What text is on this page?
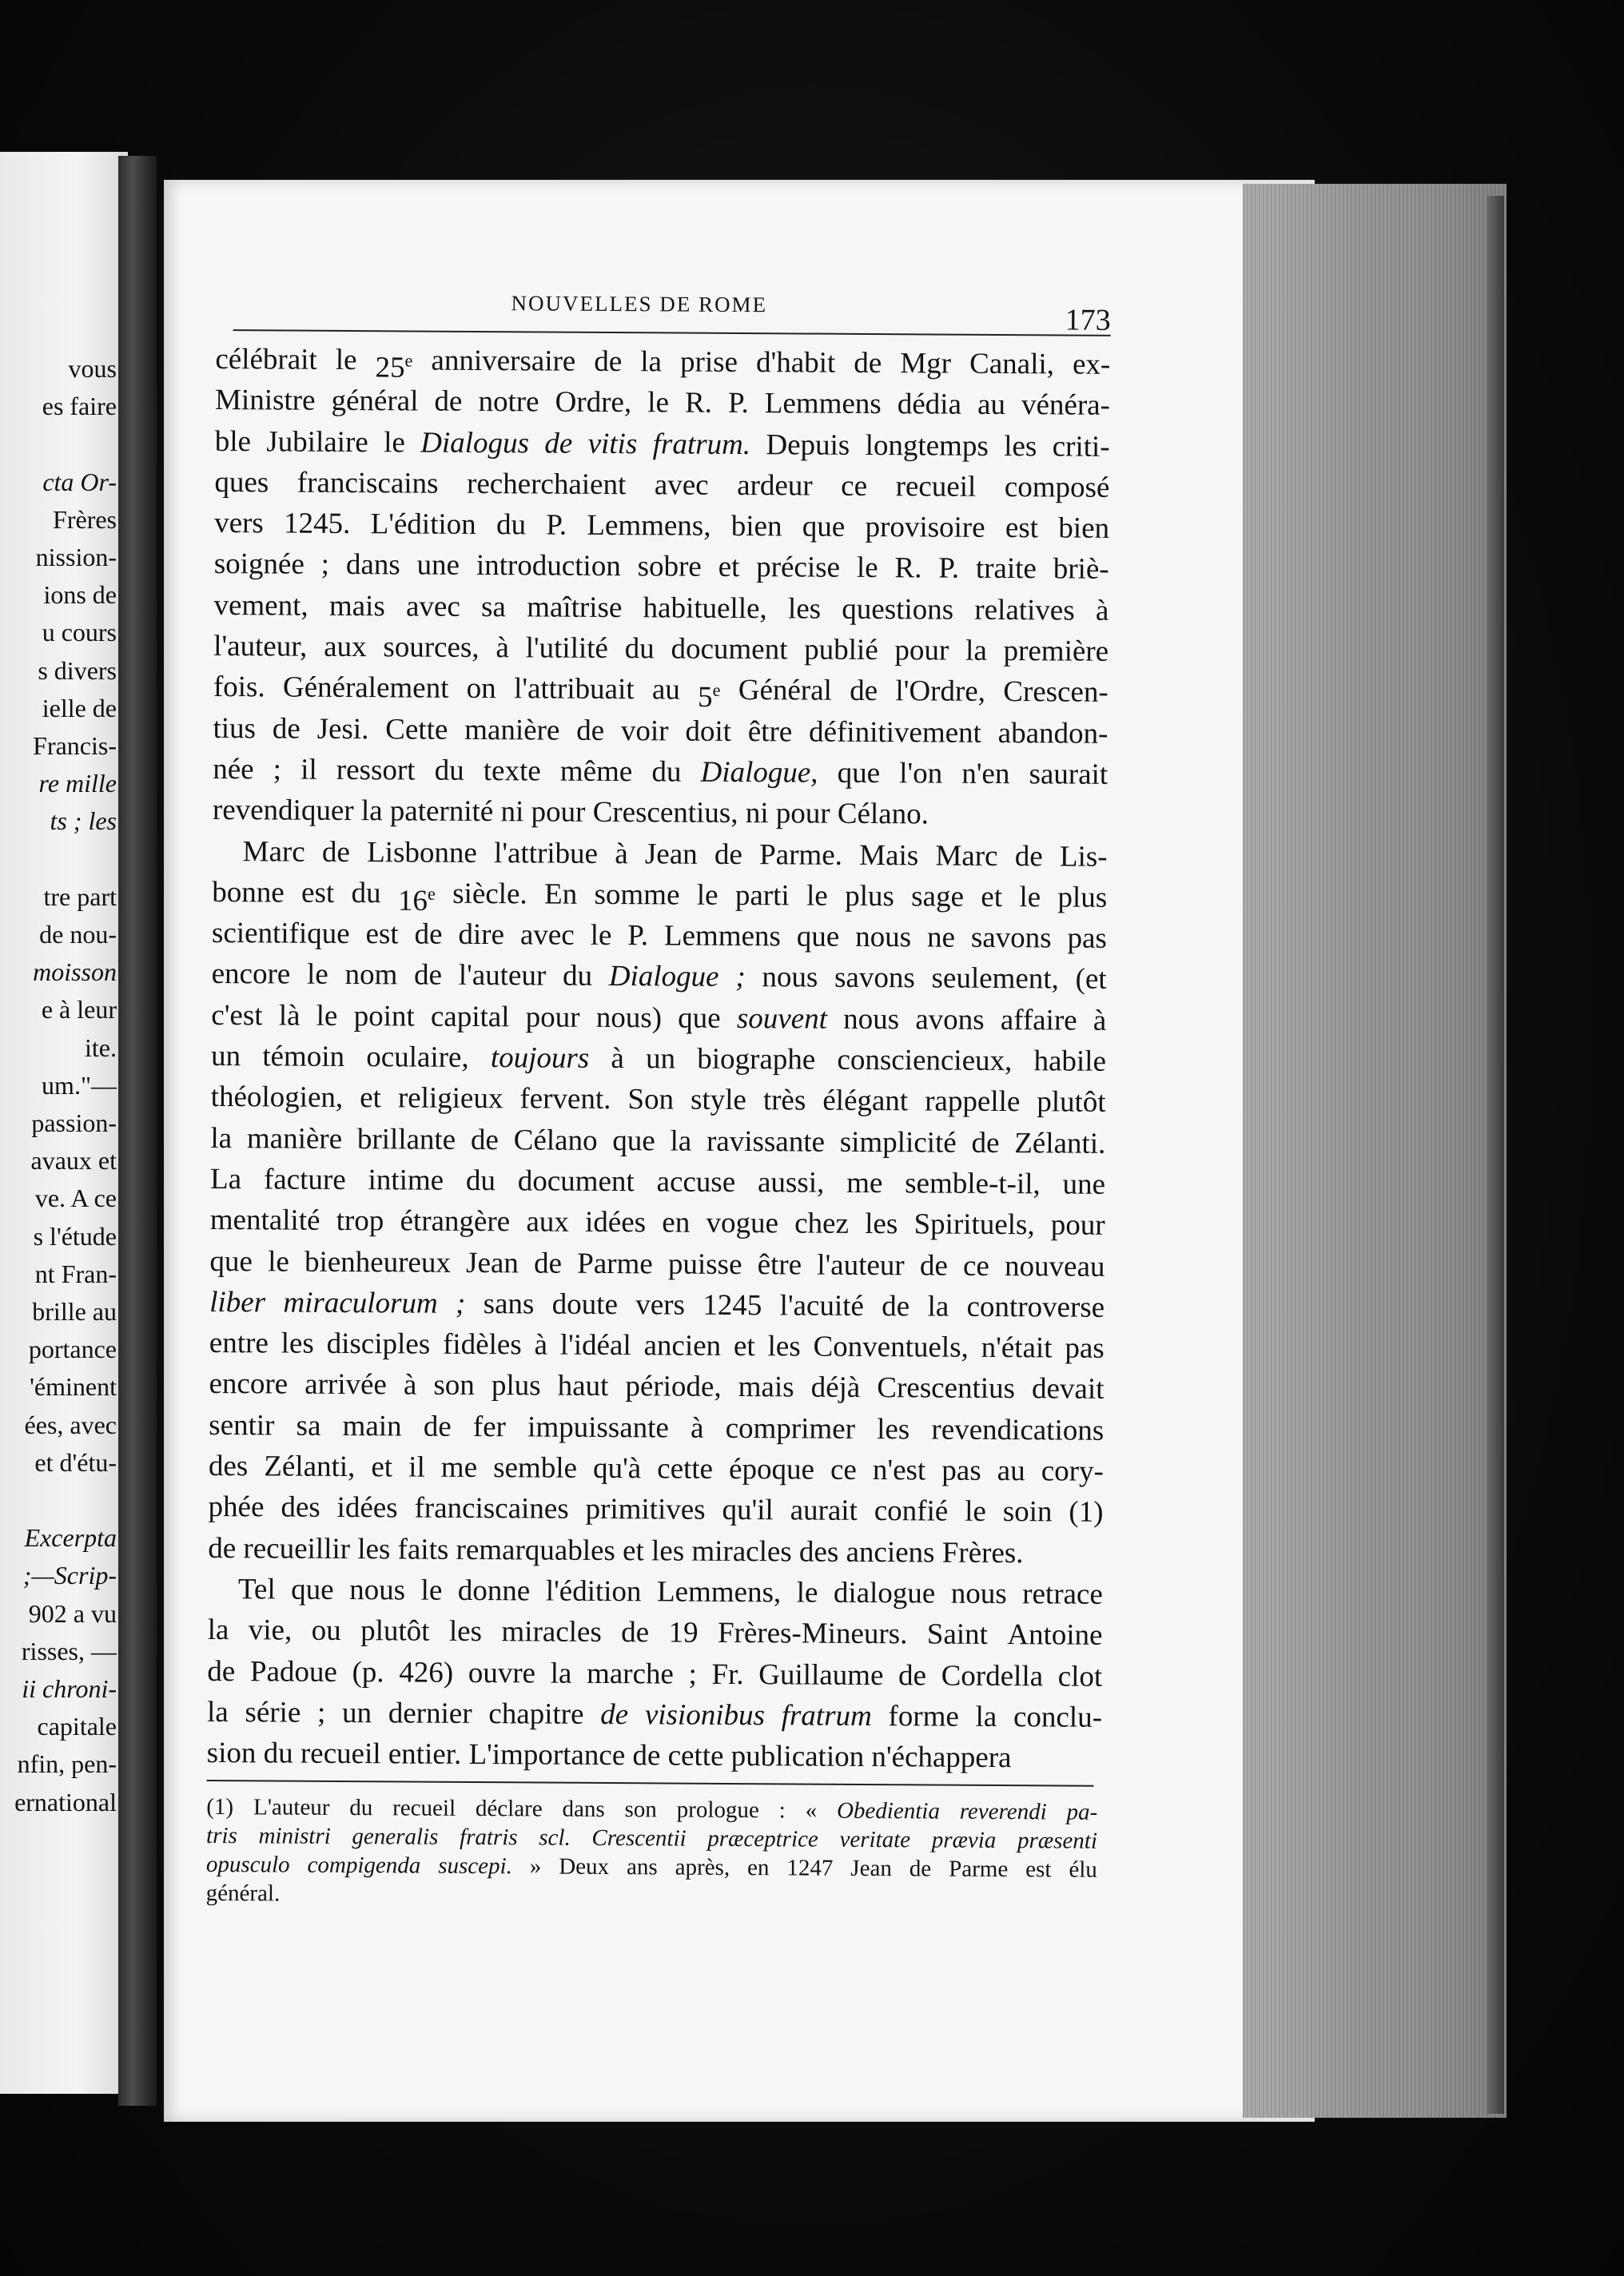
vous
es faire
cta Or-
Frères
nission-
ions de
u cours
s divers
ielle de
Francis-
re mille
ts ; les
tre part
de nou-
moisson
e à leur
ite.
um."—
passion-
avaux et
ve. A ce
s l'étude
nt Fran-
brille au
portance
'éminent
ées, avec
et d'étu-
Excerpta
;—Scrip-
902 a vu
risses, —
ii chroni-
capitale
nfin, pen-
ernational
NOUVELLES DE ROME	173
célébrait le 25e anniversaire de la prise d'habit de Mgr Canali, ex-
Ministre général de notre Ordre, le R. P. Lemmens dédia au vénéra-
ble Jubilaire le Dialogus de vitis fratrum. Depuis longtemps les criti-
ques franciscains recherchaient avec ardeur ce recueil composé
vers 1245. L'édition du P. Lemmens, bien que provisoire est bien
soignée ; dans une introduction sobre et précise le R. P. traite briè-
vement, mais avec sa maîtrise habituelle, les questions relatives à
l'auteur, aux sources, à l'utilité du document publié pour la première
fois. Généralement on l'attribuait au 5e Général de l'Ordre, Crescen-
tius de Jesi. Cette manière de voir doit être définitivement abandon-
née ; il ressort du texte même du Dialogue, que l'on n'en saurait
revendiquer
la
paternité
ni
pour
Crescentius,
ni
pour
Célano.
Marc de Lisbonne l'attribue à Jean de Parme. Mais Marc de Lis-
bonne est du 16e siècle. En somme le parti le plus sage et le plus
scientifique est de dire avec le P. Lemmens que nous ne savons pas
encore le nom de l'auteur du Dialogue ; nous savons seulement, (et
c'est là le point capital pour nous) que souvent nous avons affaire à
un témoin oculaire, toujours à un biographe consciencieux, habile
théologien, et religieux fervent. Son style très élégant rappelle plutôt
la manière brillante de Célano que la ravissante simplicité de Zélanti.
La facture intime du document accuse aussi, me semble-t-il, une
mentalité trop étrangère aux idées en vogue chez les Spirituels, pour
que le bienheureux Jean de Parme puisse être l'auteur de ce nouveau
liber miraculorum ; sans doute vers 1245 l'acuité de la controverse
entre les disciples fidèles à l'idéal ancien et les Conventuels, n'était pas
encore arrivée à son plus haut période, mais déjà Crescentius devait
sentir sa main de fer impuissante à comprimer les revendications
des Zélanti, et il me semble qu'à cette époque ce n'est pas au cory-
phée des idées franciscaines primitives qu'il aurait confié le soin (1)
de
recueillir
les
faits
remarquables
et
les
miracles
des
anciens
Frères.
Tel que nous le donne l'édition Lemmens, le dialogue nous retrace
la vie, ou plutôt les miracles de 19 Frères-Mineurs. Saint Antoine
de Padoue (p. 426) ouvre la marche ; Fr. Guillaume de Cordella clot
la série ; un dernier chapitre de visionibus fratrum forme la conclu-
sion
du
recueil
entier.
L'importance
de
cette
publication
n'échappera
(1) L'auteur du recueil déclare dans son prologue : « Obedientia reverendi pa-
tris ministri generalis fratris scl. Crescentii præceptrice veritate prævia præsenti
opusculo compigenda suscepi. » Deux ans après, en 1247 Jean de Parme est élu
général.
